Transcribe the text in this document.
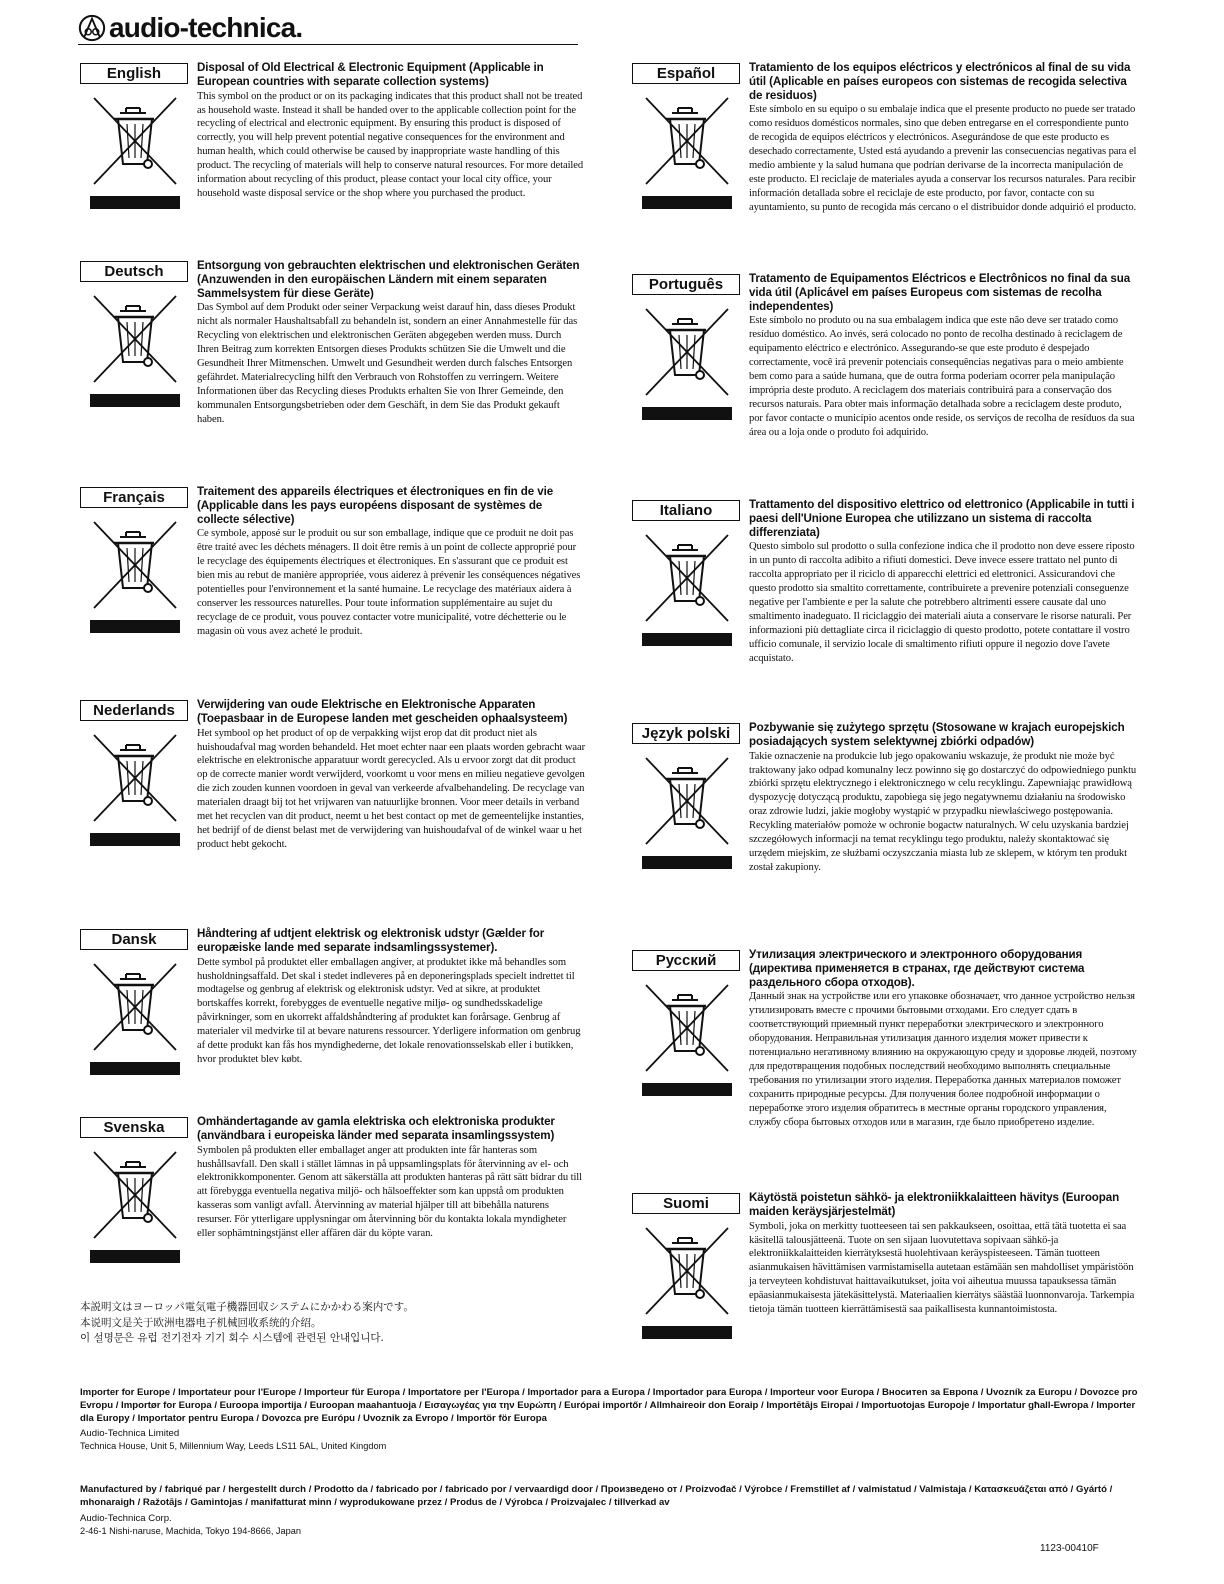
audio-technica.
English	Disposal of Old Electrical & Electronic Equipment (Applicable in European countries with separate collection systems)
This symbol on the product or on its packaging indicates that this product shall not be treated as household waste. Instead it shall be handed over to the applicable collection point for the recycling of electrical and electronic equipment. By ensuring this product is disposed of correctly, you will help prevent potential negative consequences for the environment and human health, which could otherwise be caused by inappropriate waste handling of this product. The recycling of materials will help to conserve natural resources. For more detailed information about recycling of this product, please contact your local city office, your household waste disposal service or the shop where you purchased the product.
Deutsch	Entsorgung von gebrauchten elektrischen und elektronischen Geräten (Anzuwenden in den europäischen Ländern mit einem separaten Sammelsystem für diese Geräte)
Das Symbol auf dem Produkt oder seiner Verpackung weist darauf hin, dass dieses Produkt nicht als normaler Haushaltsabfall zu behandeln ist, sondern an einer Annahmestelle für das Recycling von elektrischen und elektronischen Geräten abgegeben werden muss. Durch Ihren Beitrag zum korrekten Entsorgen dieses Produkts schützen Sie die Umwelt und die Gesundheit Ihrer Mitmenschen. Umwelt und Gesundheit werden durch falsches Entsorgen gefährdet. Materialrecycling hilft den Verbrauch von Rohstoffen zu verringern. Weitere Informationen über das Recycling dieses Produkts erhalten Sie von Ihrer Gemeinde, den kommunalen Entsorgungsbetrieben oder dem Geschäft, in dem Sie das Produkt gekauft haben.
Français	Traitement des appareils électriques et électroniques en fin de vie (Applicable dans les pays européens disposant de systèmes de collecte sélective)
Ce symbole, apposé sur le produit ou sur son emballage, indique que ce produit ne doit pas être traité avec les déchets ménagers. Il doit être remis à un point de collecte approprié pour le recyclage des équipements électriques et électroniques. En s'assurant que ce produit est bien mis au rebut de manière appropriée, vous aiderez à prévenir les conséquences négatives potentielles pour l'environnement et la santé humaine. Le recyclage des matériaux aidera à conserver les ressources naturelles. Pour toute information supplémentaire au sujet du recyclage de ce produit, vous pouvez contacter votre municipalité, votre déchetterie ou le magasin où vous avez acheté le produit.
Nederlands	Verwijdering van oude Elektrische en Elektronische Apparaten (Toepasbaar in de Europese landen met gescheiden ophaalsysteem)
Het symbool op het product of op de verpakking wijst erop dat dit product niet als huishoudafval mag worden behandeld. Het moet echter naar een plaats worden gebracht waar elektrische en elektronische apparatuur wordt gerecycled. Als u ervoor zorgt dat dit product op de correcte manier wordt verwijderd, voorkomt u voor mens en milieu negatieve gevolgen die zich zouden kunnen voordoen in geval van verkeerde afvalbehandeling. De recyclage van materialen draagt bij tot het vrijwaren van natuurlijke bronnen. Voor meer details in verband met het recyclen van dit product, neemt u het best contact op met de gemeentelijke instanties, het bedrijf of de dienst belast met de verwijdering van huishoudafval of de winkel waar u het product hebt gekocht.
Dansk	Håndtering af udtjent elektrisk og elektronisk udstyr (Gælder for europæiske lande med separate indsamlingssystemer).
Dette symbol på produktet eller emballagen angiver, at produktet ikke må behandles som husholdningsaffald. Det skal i stedet indleveres på en deponeringsplads specielt indrettet til modtagelse og genbrug af elektrisk og elektronisk udstyr. Ved at sikre, at produktet bortskaffes korrekt, forebygges de eventuelle negative miljø- og sundhedsskadelige påvirkninger, som en ukorrekt affaldshåndtering af produktet kan forårsage. Genbrug af materialer vil medvirke til at bevare naturens ressourcer. Yderligere information om genbrug af dette produkt kan fås hos myndighederne, det lokale renovationsselskab eller i butikken, hvor produktet blev købt.
Svenska	Omhändertagande av gamla elektriska och elektroniska produkter (användbara i europeiska länder med separata insamlingssystem)
Symbolen på produkten eller emballaget anger att produkten inte får hanteras som hushållsavfall. Den skall i stället lämnas in på uppsamlingsplats för återvinning av el- och elektronikkomponenter. Genom att säkerställa att produkten hanteras på rätt sätt bidrar du till att förebygga eventuella negativa miljö- och hälsoeffekter som kan uppstå om produkten kasseras som vanligt avfall. Återvinning av material hjälper till att bibehålla naturens resurser. För ytterligare upplysningar om återvinning bör du kontakta lokala myndigheter eller sophämtningstjänst eller affären där du köpte varan.
Español	Tratamiento de los equipos eléctricos y electrónicos al final de su vida útil (Aplicable en países europeos con sistemas de recogida selectiva de residuos)
Este símbolo en su equipo o su embalaje indica que el presente producto no puede ser tratado como residuos domésticos normales, sino que deben entregarse en el correspondiente punto de recogida de equipos eléctricos y electrónicos. Asegurándose de que este producto es desechado correctamente, Usted está ayudando a prevenir las consecuencias negativas para el medio ambiente y la salud humana que podrían derivarse de la incorrecta manipulación de este producto. El reciclaje de materiales ayuda a conservar los recursos naturales. Para recibir información detallada sobre el reciclaje de este producto, por favor, contacte con su ayuntamiento, su punto de recogida más cercano o el distribuidor donde adquirió el producto.
Português	Tratamento de Equipamentos Eléctricos e Electrônicos no final da sua vida útil (Aplicável em países Europeus com sistemas de recolha independentes)
Este símbolo no produto ou na sua embalagem indica que este não deve ser tratado como resíduo doméstico. Ao invés, será colocado no ponto de recolha destinado à reciclagem de equipamento eléctrico e electrónico. Assegurando-se que este produto é despejado correctamente, você irá prevenir potenciais consequências negativas para o meio ambiente bem como para a saúde humana, que de outra forma poderiam ocorrer pela manipulação imprópria deste produto. A reciclagem dos materiais contribuirá para a conservação dos recursos naturais. Para obter mais informação detalhada sobre a reciclagem deste produto, por favor contacte o município acentos onde reside, os serviços de recolha de resíduos da sua área ou a loja onde o produto foi adquirido.
Italiano	Trattamento del dispositivo elettrico od elettronico (Applicabile in tutti i paesi dell'Unione Europea che utilizzano un sistema di raccolta differenziata)
Questo simbolo sul prodotto o sulla confezione indica che il prodotto non deve essere riposto in un punto di raccolta adibito a rifiuti domestici. Deve invece essere trattato nel punto di raccolta appropriato per il riciclo di apparecchi elettrici ed elettronici. Assicurandovi che questo prodotto sia smaltito correttamente, contribuirete a prevenire potenziali conseguenze negative per l'ambiente e per la salute che potrebbero altrimenti essere causate dal uno smaltimento inadeguato. Il riciclaggio dei materiali aiuta a conservare le risorse naturali. Per informazioni più dettagliate circa il riciclaggio di questo prodotto, potete contattare il vostro ufficio comunale, il servizio locale di smaltimento rifiuti oppure il negozio dove l'avete acquistato.
Język polski	Pozbywanie się zużytego sprzętu (Stosowane w krajach europejskich posiadających system selektywnej zbiórki odpadów)
Takie oznaczenie na produkcie lub jego opakowaniu wskazuje, że produkt nie może być traktowany jako odpad komunalny lecz powinno się go dostarczyć do odpowiedniego punktu zbiórki sprzętu elektrycznego i elektronicznego w celu recyklingu. Zapewniając prawidłową dyspozycję dotyczącą produktu, zapobiega się jego negatywnemu działaniu na środowisko oraz zdrowie ludzi, jakie mogłoby wystąpić w przypadku niewłaściwego postępowania. Recykling materiałów pomoże w ochronie bogactw naturalnych. W celu uzyskania bardziej szczegółowych informacji na temat recyklingu tego produktu, należy skontaktować się urzędem miejskim, ze służbami oczyszczania miasta lub ze sklepem, w którym ten produkt został zakupiony.
Русский	Утилизация электрического и электронного оборудования (директива применяется в странах, где действуют система раздельного сбора отходов).
Данный знак на устройстве или его упаковке обозначает, что данное устройство нельзя утилизировать вместе с прочими бытовыми отходами. Его следует сдать в соответствующий приемный пункт переработки электрического и электронного оборудования. Неправильная утилизация данного изделия может привести к потенциально негативному влиянию на окружающую среду и здоровье людей, поэтому для предотвращения подобных последствий необходимо выполнять специальные требования по утилизации этого изделия. Переработка данных материалов поможет сохранить природные ресурсы. Для получения более подробной информации о переработке этого изделия обратитесь в местные органы городского управления, службу сбора бытовых отходов или в магазин, где было приобретено изделие.
Suomi	Käytöstä poistetun sähkö- ja elektroniikkalaitteen hävitys (Euroopan maiden keräysjärjestelmät)
Symboli, joka on merkitty tuotteeseen tai sen pakkaukseen, osoittaa, että tätä tuotetta ei saa käsitellä talousjätteenä. Tuote on sen sijaan luovutettava sopivaan sähkö-ja elektroniikkalaitteiden kierrätyksestä huolehtivaan keräyspisteeseen. Tämän tuotteen asianmukaisen hävittämisen varmistamisella autetaan estämään sen mahdolliset ympäristöön ja terveyteen kohdistuvat haittavaikutukset, joita voi aiheutua muussa tapauksessa tämän epäasianmukaisesta jätekäsittelystä. Materiaalien kierrätys säästää luonnonvaroja. Tarkempia tietoja tämän tuotteen kierrättämisestä saa paikallisesta kunnantoimistosta.
本説明文はヨーロッパ電気電子機器回収システムにかかわる案内です。
本说明文是关于欧洲电器电子机械回收系统的介绍。
이 설명문은 유럽 전기전자 기기 회수 시스템에 관련된 안내입니다.
Importer for Europe / Importateur pour l'Europe / Importeur für Europa / Importatore per l'Europa / Importador para a Europa / Importador para Europa / Importeur voor Europa / Вноситеn за Европа / Uvozník za Europu / Dovozce pro Evropu / Importør for Europa / Euroopa importija / Euroopan maahantuoja / Εισαγωγέας για την Ευρώπη / Európai importőr / Allmhaireoir don Eoraip / Importētājs Eiropai / Importuotojas Europoje / Importatur għall-Ewropa / Importer dla Europy / Importator pentru Europa / Dovozca pre Európu / Uvoznik za Evropo / Importör för Europa
Audio-Technica Limited
Technica House, Unit 5, Millennium Way, Leeds LS11 5AL, United Kingdom
Manufactured by / fabriqué par / hergestellt durch / Prodotto da / fabricado por / fabricado por / vervaardigd door / Произведено от / Proizvođač / Výrobce / Fremstillet af / valmistatud / Valmistaja / Κατασκευάζεται από / Gyártó / mhonaraigh / Ražotājs / Gamintojas / manifatturat minn / wyprodukowane przez / Produs de / Výrobca / Proizvajalec / tillverkad av
Audio-Technica Corp.
2-46-1 Nishi-naruse, Machida, Tokyo 194-8666, Japan
1123-00410F
